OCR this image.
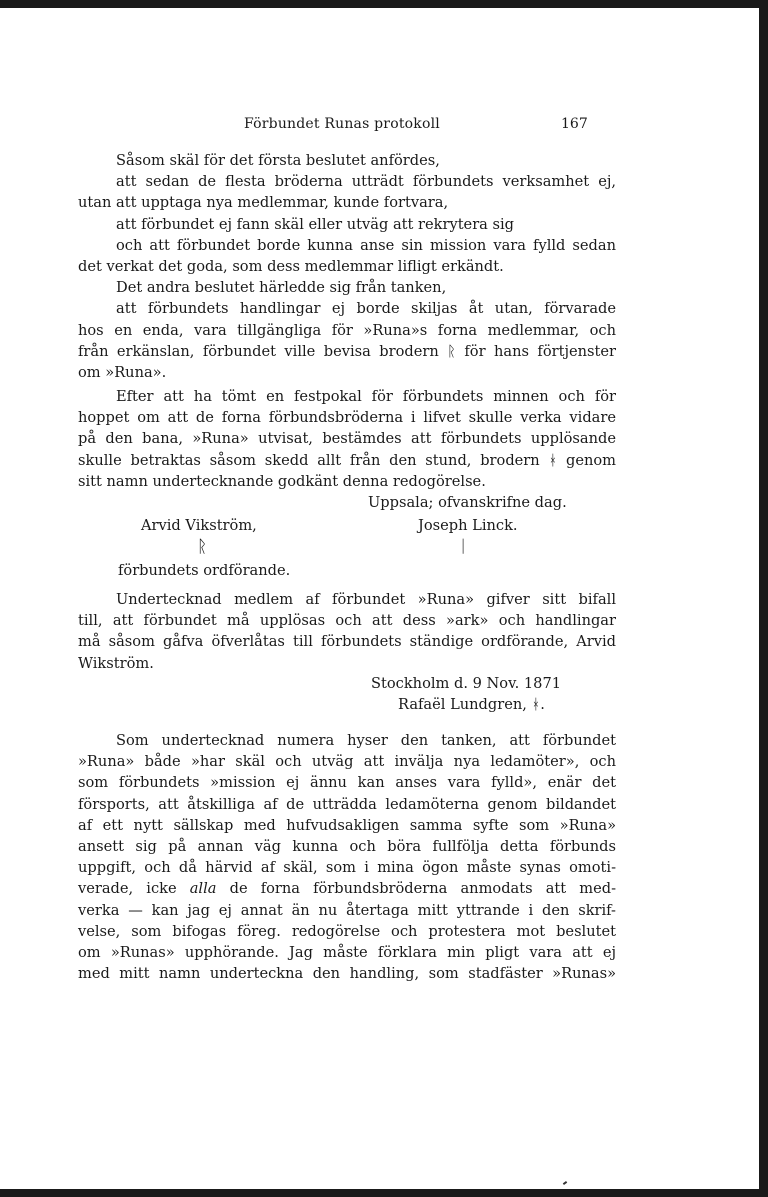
Förbundet Runas protokoll	167
Såsom skäl för det första beslutet anfördes,
att sedan de flesta bröderna utträdt förbundets verksamhet ej,
utan att upptaga nya medlemmar, kunde fortvara,
att förbundet ej fann skäl eller utväg att rekrytera sig
och att förbundet borde kunna anse sin mission vara fylld sedan
det verkat det goda, som dess medlemmar lifligt erkändt.
Det andra beslutet härledde sig från tanken,
att förbundets handlingar ej borde skiljas åt utan, förvarade
hos en enda, vara tillgängliga för »Runa»s forna medlemmar, och
från erkänslan, förbundet ville bevisa brodern ᚱ för hans förtjenster
om »Runa».
Efter att ha tömt en festpokal för förbundets minnen och för
hoppet om att de forna förbundsbröderna i lifvet skulle verka vidare
på den bana, »Runa» utvisat, bestämdes att förbundets upplösande
skulle betraktas såsom skedd allt från den stund, brodern ᚼ genom
sitt namn undertecknande godkänt denna redogörelse.
Uppsala; ofvanskrifne dag.
Arvid Vikström,	Joseph Linck.
ᚱ	ᛁ
förbundets ordförande.
Undertecknad medlem af förbundet »Runa» gifver sitt bifall
till, att förbundet må upplösas och att dess »ark» och handlingar
må såsom gåfva öfverlåtas till förbundets ständige ordförande, Arvid
Wikström.
Stockholm d. 9 Nov. 1871
Rafaël Lundgren, ᚼ.
Som undertecknad numera hyser den tanken, att förbundet
»Runa» både »har skäl och utväg att invälja nya ledamöter», och
som förbundets »mission ej ännu kan anses vara fylld», enär det
försports, att åtskilliga af de utträdda ledamöterna genom bildandet
af ett nytt sällskap med hufvudsakligen samma syfte som »Runa»
ansett sig på annan väg kunna och böra fullfölja detta förbunds
uppgift, och då härvid af skäl, som i mina ögon måste synas omoti-
verade, icke alla de forna förbundsbröderna anmodats att med-
verka — kan jag ej annat än nu återtaga mitt yttrande i den skrif-
velse, som bifogas föreg. redogörelse och protestera mot beslutet
om »Runas» upphörande. Jag måste förklara min pligt vara att ej
med mitt namn underteckna den handling, som stadfäster »Runas»
